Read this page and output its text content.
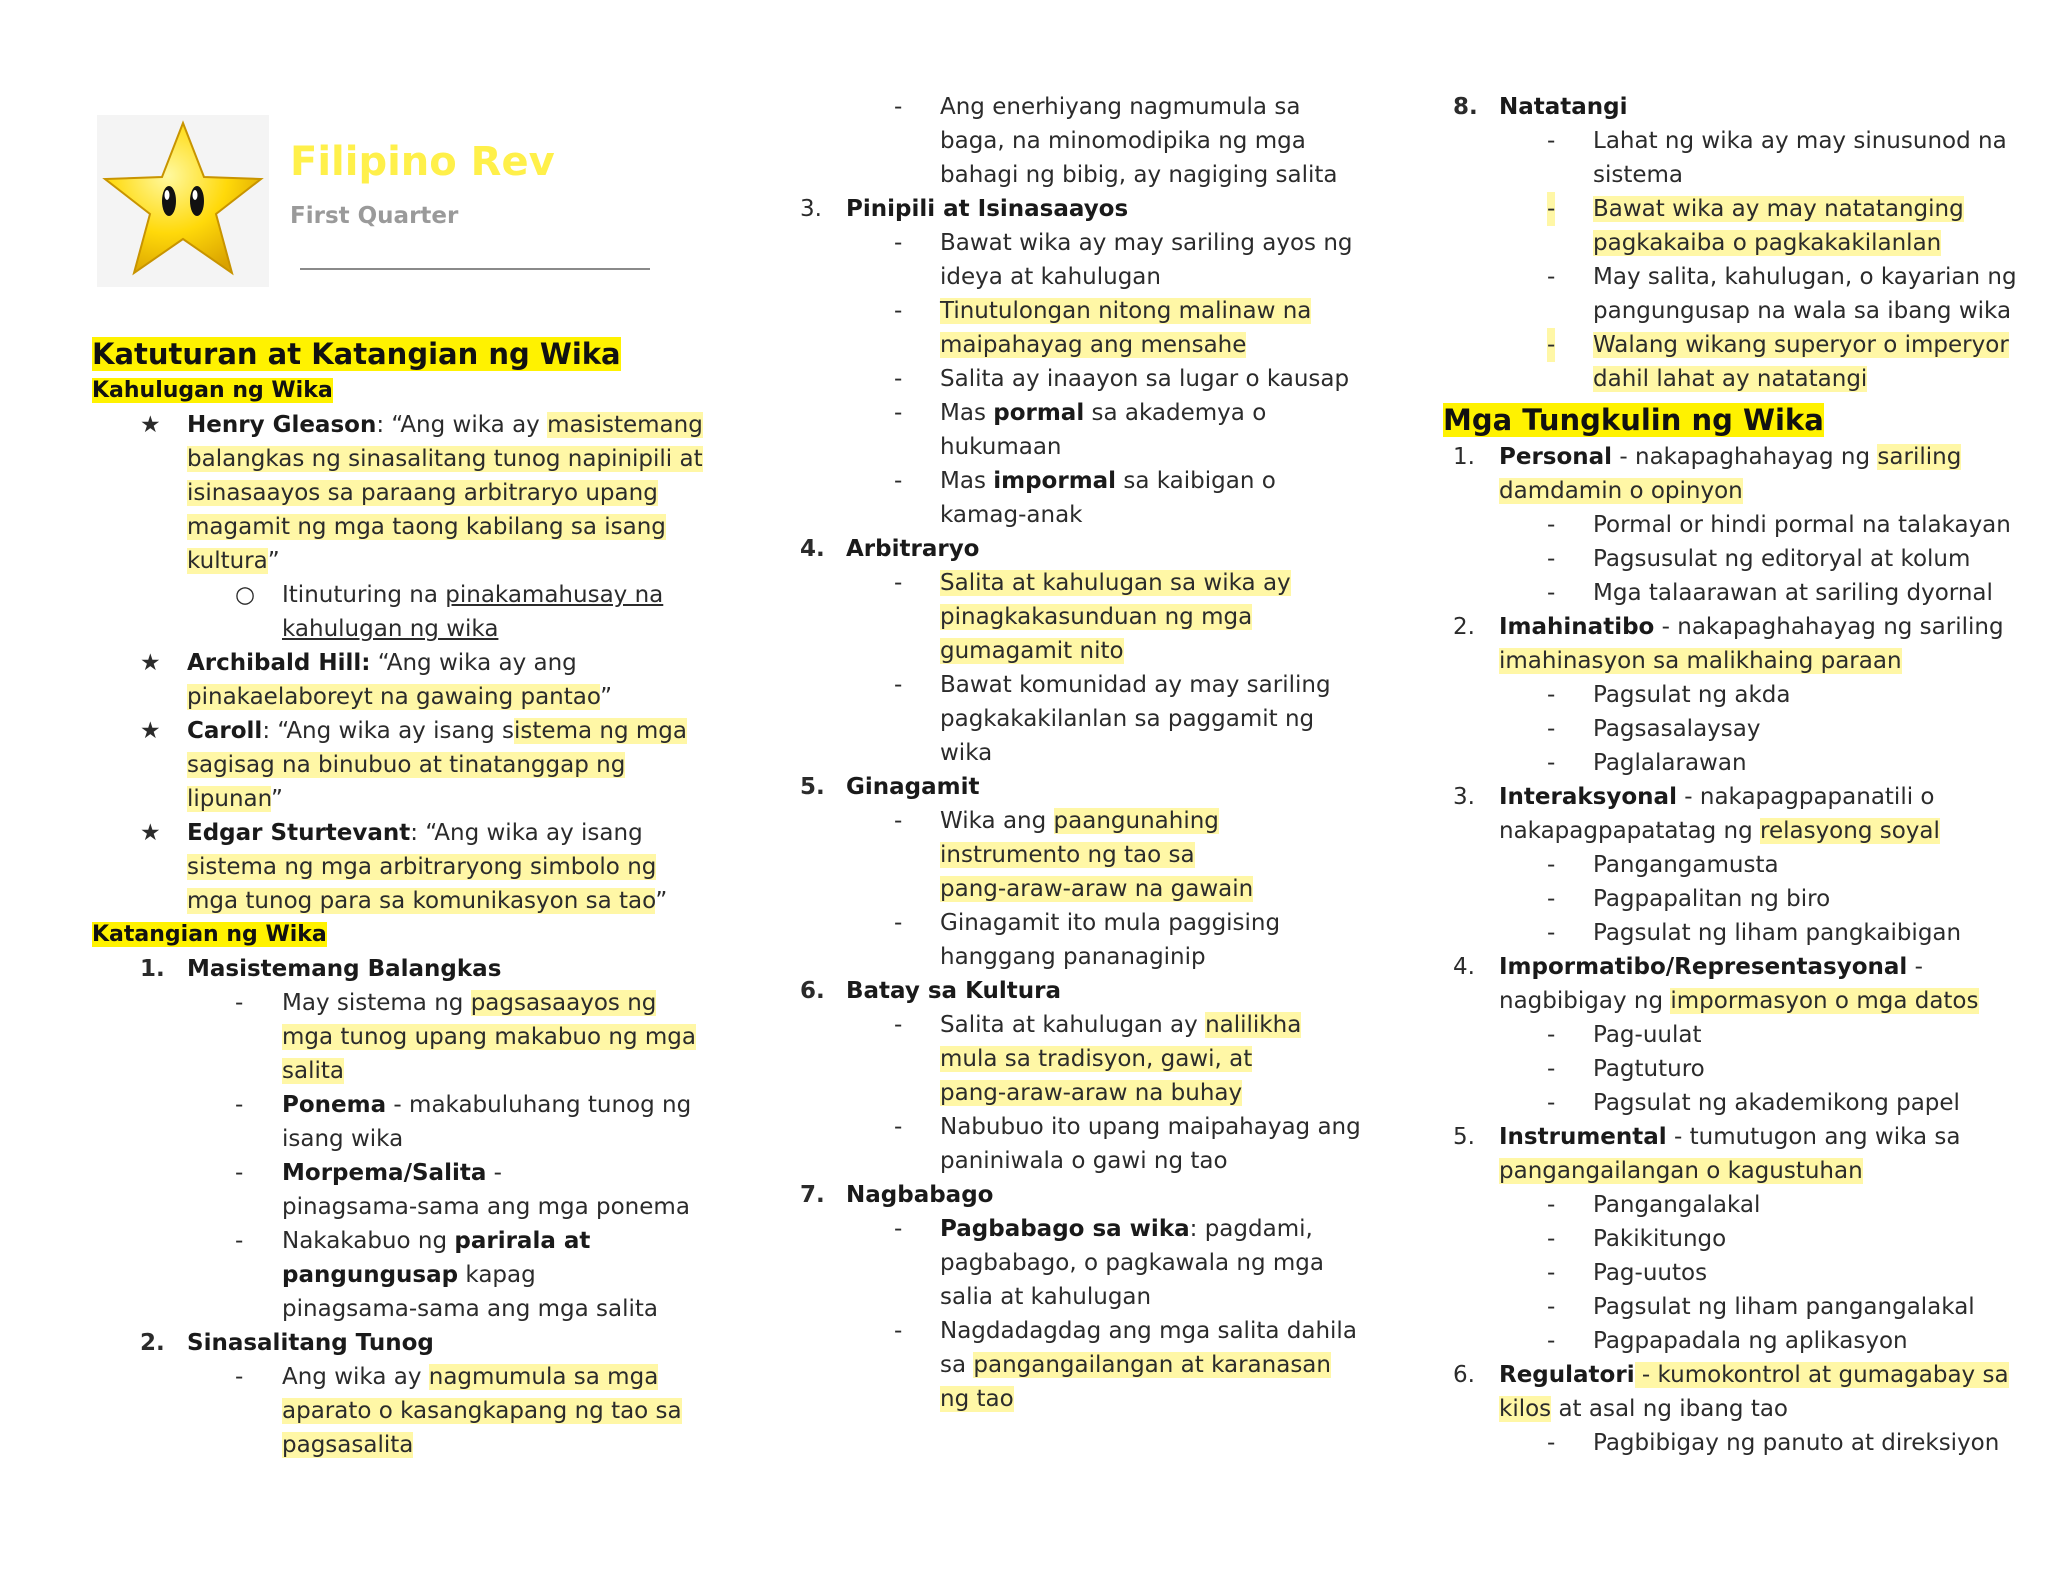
Filipino Rev
First Quarter
Katuturan at Katangian ng Wika
Kahulugan ng Wika
★ Henry Gleason: “Ang wika ay masistemang
balangkas ng sinasalitang tunog napinipili at
isinasaayos sa paraang arbitraryo upang
magamit ng mga taong kabilang sa isang
kultura”
○ Itinuturing na pinakamahusay na
kahulugan ng wika
★ Archibald Hill: “Ang wika ay ang
pinakaelaboreyt na gawaing pantao”
★ Caroll: “Ang wika ay isang sistema ng mga
sagisag na binubuo at tinatanggap ng
lipunan”
★ Edgar Sturtevant: “Ang wika ay isang
sistema ng mga arbitraryong simbolo ng
mga tunog para sa komunikasyon sa tao”
Katangian ng Wika
1. Masistemang Balangkas
- May sistema ng pagsasaayos ng
mga tunog upang makabuo ng mga
salita
- Ponema - makabuluhang tunog ng
isang wika
- Morpema/Salita -
pinagsama-sama ang mga ponema
- Nakakabuo ng parirala at
pangungusap kapag
pinagsama-sama ang mga salita
2. Sinasalitang Tunog
- Ang wika ay nagmumula sa mga
aparato o kasangkapang ng tao sa
pagsasalita
- Ang enerhiyang nagmumula sa
baga, na minomodipika ng mga
bahagi ng bibig, ay nagiging salita
3. Pinipili at Isinasaayos
- Bawat wika ay may sariling ayos ng
ideya at kahulugan
- Tinutulongan nitong malinaw na
maipahayag ang mensahe
- Salita ay inaayon sa lugar o kausap
- Mas pormal sa akademya o
hukumaan
- Mas impormal sa kaibigan o
kamag-anak
4. Arbitraryo
- Salita at kahulugan sa wika ay
pinagkakasunduan ng mga
gumagamit nito
- Bawat komunidad ay may sariling
pagkakakilanlan sa paggamit ng
wika
5. Ginagamit
- Wika ang paangunahing
instrumento ng tao sa
pang-araw-araw na gawain
- Ginagamit ito mula paggising
hanggang pananaginip
6. Batay sa Kultura
- Salita at kahulugan ay nalilikha
mula sa tradisyon, gawi, at
pang-araw-araw na buhay
- Nabubuo ito upang maipahayag ang
paniniwala o gawi ng tao
7. Nagbabago
- Pagbabago sa wika: pagdami,
pagbabago, o pagkawala ng mga
salia at kahulugan
- Nagdadagdag ang mga salita dahila
sa pangangailangan at karanasan
ng tao
8. Natatangi
- Lahat ng wika ay may sinusunod na
sistema
- Bawat wika ay may natatanging
pagkakaiba o pagkakakilanlan
- May salita, kahulugan, o kayarian ng
pangungusap na wala sa ibang wika
- Walang wikang superyor o imperyor
dahil lahat ay natatangi
Mga Tungkulin ng Wika
1. Personal - nakapaghahayag ng sariling
damdamin o opinyon
- Pormal or hindi pormal na talakayan
- Pagsusulat ng editoryal at kolum
- Mga talaarawan at sariling dyornal
2. Imahinatibo - nakapaghahayag ng sariling
imahinasyon sa malikhaing paraan
- Pagsulat ng akda
- Pagsasalaysay
- Paglalarawan
3. Interaksyonal - nakapagpapanatili o
nakapagpapatatag ng relasyong soyal
- Pangangamusta
- Pagpapalitan ng biro
- Pagsulat ng liham pangkaibigan
4. Impormatibo/Representasyonal -
nagbibigay ng impormasyon o mga datos
- Pag-uulat
- Pagtuturo
- Pagsulat ng akademikong papel
5. Instrumental - tumutugon ang wika sa
pangangailangan o kagustuhan
- Pangangalakal
- Pakikitungo
- Pag-uutos
- Pagsulat ng liham pangangalakal
- Pagpapadala ng aplikasyon
6. Regulatori - kumokontrol at gumagabay sa
kilos at asal ng ibang tao
- Pagbibigay ng panuto at direksiyon
